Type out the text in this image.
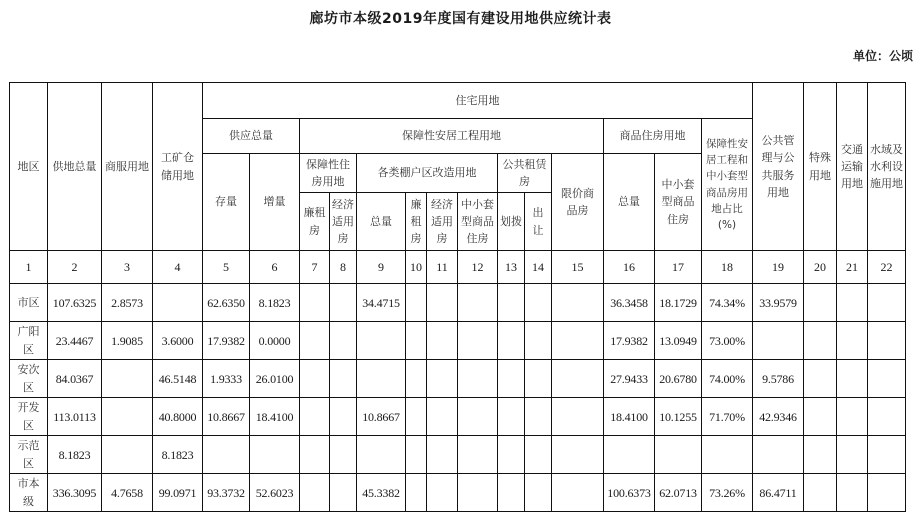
廊坊市本级2019年度国有建设用地供应统计表
单位：公顷
地区	供地总量	商服用地	工矿仓储用地	住宅用地														公共管理与公共服务用地	特殊用地	交通运输用地	水域及水利设施用地
				供应总量		保障性安居工程用地									商品住房用地		保障性安居工程和中小套型商品房用地占比(%)				
				存量	增量	保障性住房用地		各类棚户区改造用地				公共租赁房		限价商品房	总量	中小套型商品住房					
						廉租房	经济适用房	总量	廉租房	经济适用房	中小套型商品住房	划拨	出让								
1	2	3	4	5	6	7	8	9	10	11	12	13	14	15	16	17	18	19	20	21	22
市区	107.6325	2.8573		62.6350	8.1823			34.4715							36.3458	18.1729	74.34%	33.9579			
广阳区	23.4467	1.9085	3.6000	17.9382	0.0000										17.9382	13.0949	73.00%				
安次区	84.0367		46.5148	1.9333	26.0100										27.9433	20.6780	74.00%	9.5786			
开发区	113.0113		40.8000	10.8667	18.4100			10.8667							18.4100	10.1255	71.70%	42.9346			
示范区	8.1823		8.1823																		
市本级	336.3095	4.7658	99.0971	93.3732	52.6023			45.3382							100.6373	62.0713	73.26%	86.4711			
